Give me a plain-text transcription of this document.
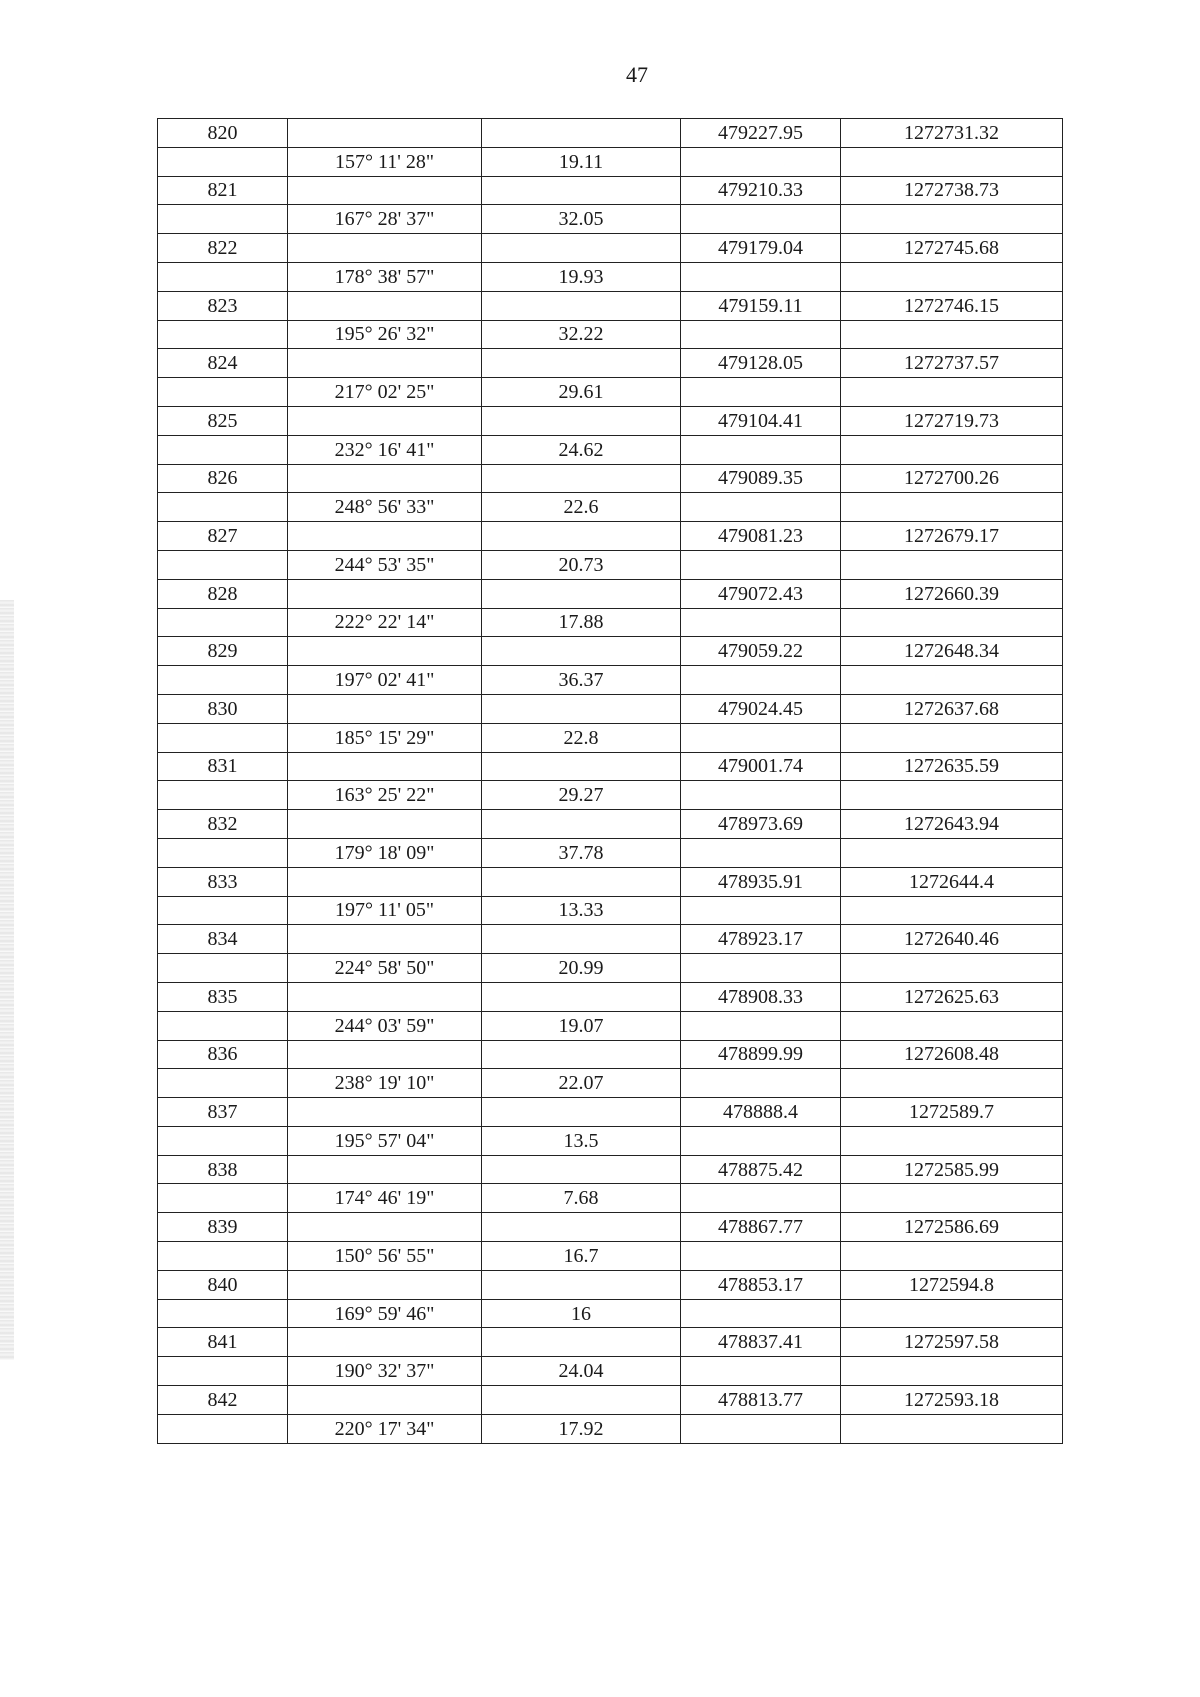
47
820			479227.95	1272731.32
	157° 11' 28"	19.11		
821			479210.33	1272738.73
	167° 28' 37"	32.05		
822			479179.04	1272745.68
	178° 38' 57"	19.93		
823			479159.11	1272746.15
	195° 26' 32"	32.22		
824			479128.05	1272737.57
	217° 02' 25"	29.61		
825			479104.41	1272719.73
	232° 16' 41"	24.62		
826			479089.35	1272700.26
	248° 56' 33"	22.6		
827			479081.23	1272679.17
	244° 53' 35"	20.73		
828			479072.43	1272660.39
	222° 22' 14"	17.88		
829			479059.22	1272648.34
	197° 02' 41"	36.37		
830			479024.45	1272637.68
	185° 15' 29"	22.8		
831			479001.74	1272635.59
	163° 25' 22"	29.27		
832			478973.69	1272643.94
	179° 18' 09"	37.78		
833			478935.91	1272644.4
	197° 11' 05"	13.33		
834			478923.17	1272640.46
	224° 58' 50"	20.99		
835			478908.33	1272625.63
	244° 03' 59"	19.07		
836			478899.99	1272608.48
	238° 19' 10"	22.07		
837			478888.4	1272589.7
	195° 57' 04"	13.5		
838			478875.42	1272585.99
	174° 46' 19"	7.68		
839			478867.77	1272586.69
	150° 56' 55"	16.7		
840			478853.17	1272594.8
	169° 59' 46"	16		
841			478837.41	1272597.58
	190° 32' 37"	24.04		
842			478813.77	1272593.18
	220° 17' 34"	17.92		
